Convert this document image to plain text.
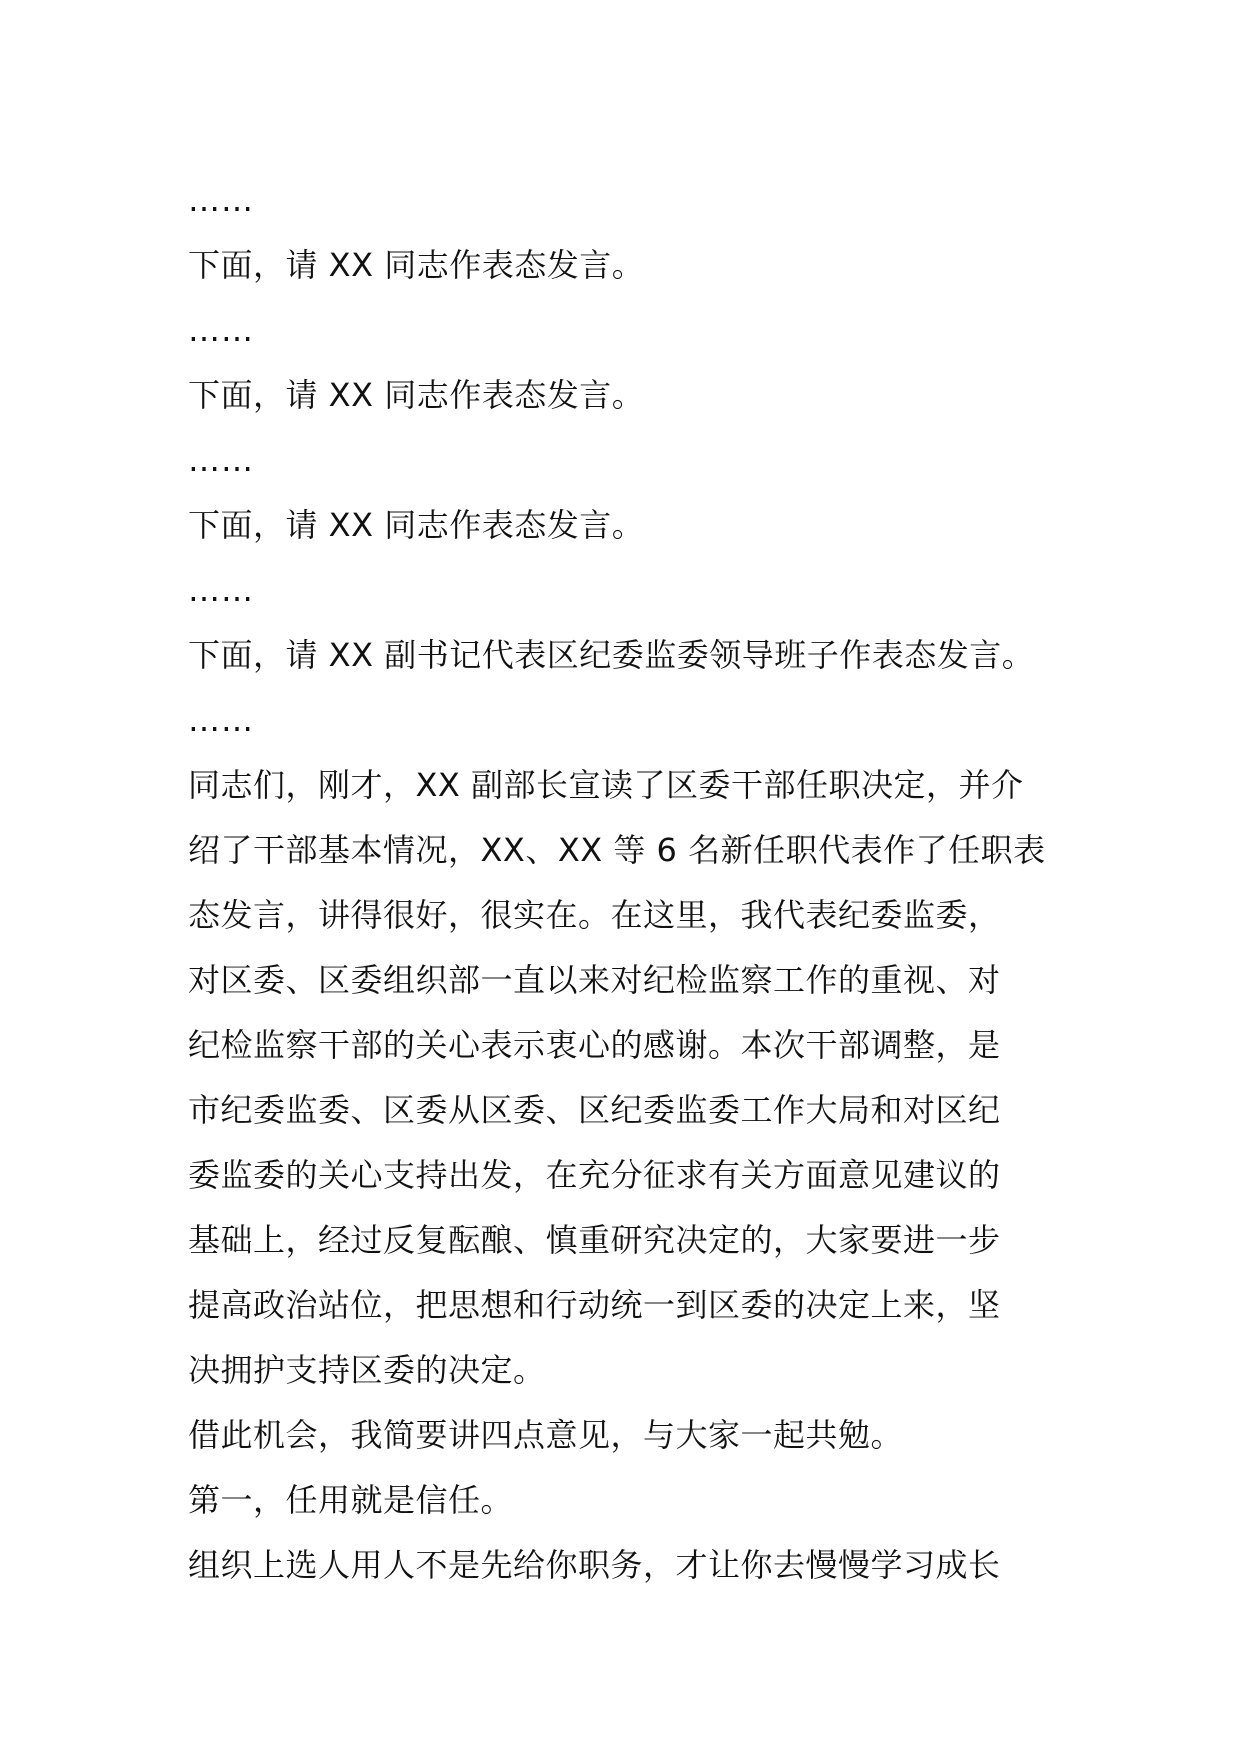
……

下面，请 XX 同志作表态发言。

……

下面，请 XX 同志作表态发言。

……

下面，请 XX 同志作表态发言。

……

下面，请 XX 副书记代表区纪委监委领导班子作表态发言。

……

同志们，刚才，XX 副部长宣读了区委干部任职决定，并介

绍了干部基本情况，XX、XX 等 6 名新任职代表作了任职表

态发言，讲得很好，很实在。在这里，我代表纪委监委，

对区委、区委组织部一直以来对纪检监察工作的重视、对

纪检监察干部的关心表示衷心的感谢。本次干部调整，是

市纪委监委、区委从区委、区纪委监委工作大局和对区纪

委监委的关心支持出发，在充分征求有关方面意见建议的

基础上，经过反复酝酿、慎重研究决定的，大家要进一步

提高政治站位，把思想和行动统一到区委的决定上来，坚

决拥护支持区委的决定。

借此机会，我简要讲四点意见，与大家一起共勉。

第一，任用就是信任。

组织上选人用人不是先给你职务，才让你去慢慢学习成长
